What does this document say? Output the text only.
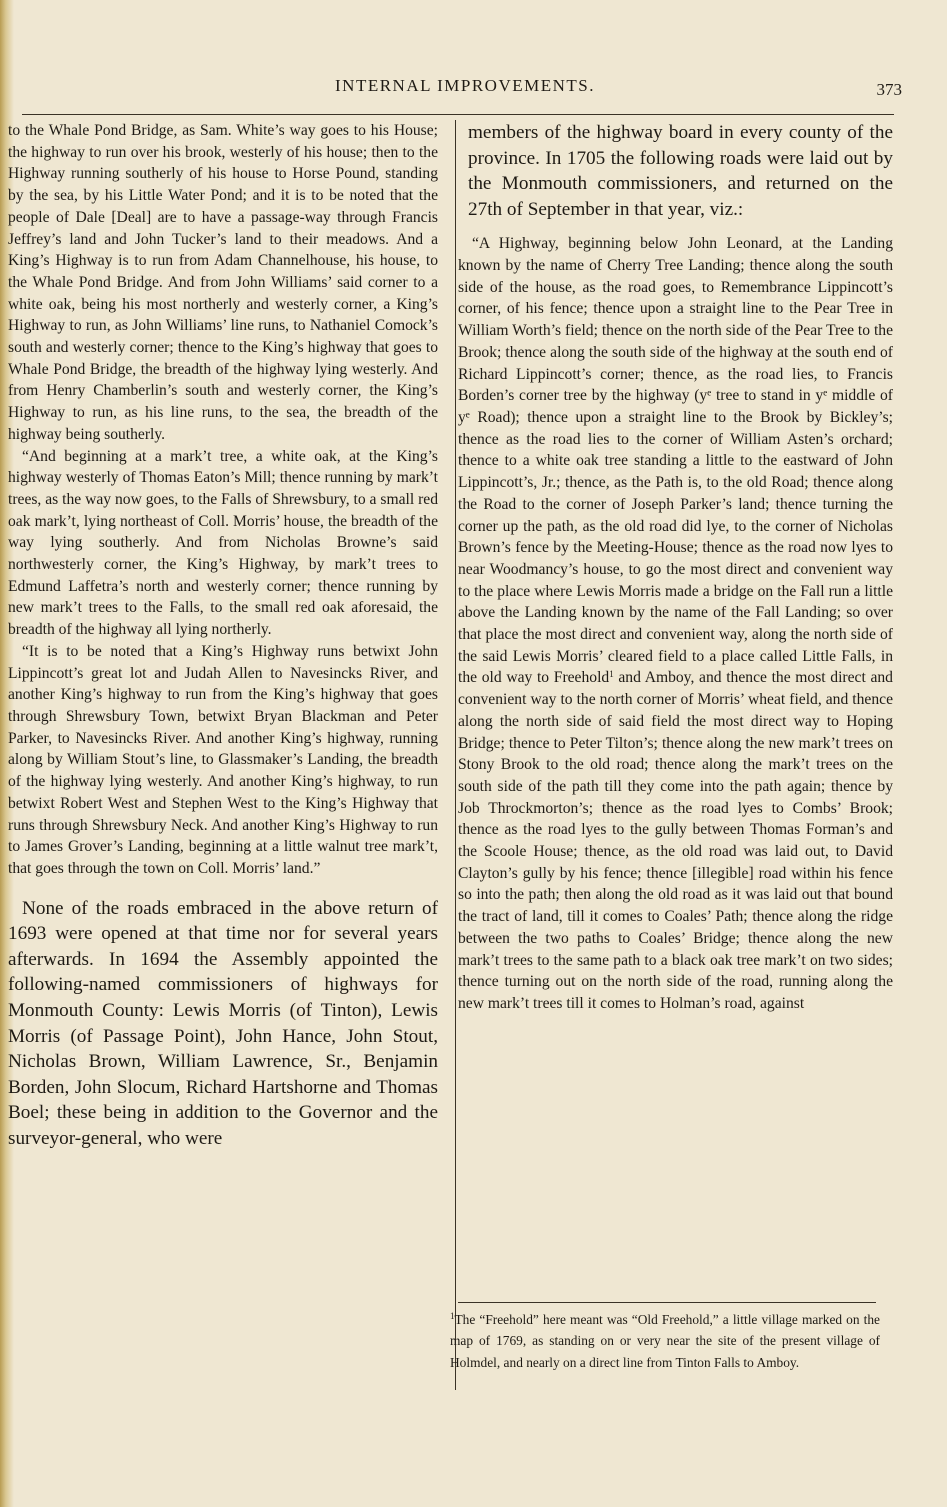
INTERNAL IMPROVEMENTS.	373

to the Whale Pond Bridge, as Sam. White’s way goes to his House; the highway to run over his brook, westerly of his house; then to the Highway running southerly of his house to Horse Pound, standing by the sea, by his Little Water Pond; and it is to be noted that the people of Dale [Deal] are to have a passage-way through Francis Jeffrey’s land and John Tucker’s land to their meadows. And a King’s Highway is to run from Adam Channelhouse, his house, to the Whale Pond Bridge. And from John Williams’ said corner to a white oak, being his most northerly and westerly corner, a King’s Highway to run, as John Williams’ line runs, to Nathaniel Comock’s south and westerly corner; thence to the King’s highway that goes to Whale Pond Bridge, the breadth of the highway lying westerly. And from Henry Chamberlin’s south and westerly corner, the King’s Highway to run, as his line runs, to the sea, the breadth of the highway being southerly.

“And beginning at a mark’t tree, a white oak, at the King’s highway westerly of Thomas Eaton’s Mill; thence running by mark’t trees, as the way now goes, to the Falls of Shrewsbury, to a small red oak mark’t, lying northeast of Coll. Morris’ house, the breadth of the way lying southerly. And from Nicholas Browne’s said northwesterly corner, the King’s Highway, by mark’t trees to Edmund Laffetra’s north and westerly corner; thence running by new mark’t trees to the Falls, to the small red oak aforesaid, the breadth of the highway all lying northerly.

“It is to be noted that a King’s Highway runs betwixt John Lippincott’s great lot and Judah Allen to Navesincks River, and another King’s highway to run from the King’s highway that goes through Shrewsbury Town, betwixt Bryan Blackman and Peter Parker, to Navesincks River. And another King’s highway, running along by William Stout’s line, to Glassmaker’s Landing, the breadth of the highway lying westerly. And another King’s highway, to run betwixt Robert West and Stephen West to the King’s Highway that runs through Shrewsbury Neck. And another King’s Highway to run to James Grover’s Landing, beginning at a little walnut tree mark’t, that goes through the town on Coll. Morris’ land.”

None of the roads embraced in the above return of 1693 were opened at that time nor for several years afterwards. In 1694 the Assembly appointed the following-named commissioners of highways for Monmouth County: Lewis Morris (of Tinton), Lewis Morris (of Passage Point), John Hance, John Stout, Nicholas Brown, William Lawrence, Sr., Benjamin Borden, John Slocum, Richard Hartshorne and Thomas Boel; these being in addition to the Governor and the surveyor-general, who were

members of the highway board in every county of the province. In 1705 the following roads were laid out by the Monmouth commissioners, and returned on the 27th of September in that year, viz.:

“A Highway, beginning below John Leonard, at the Landing known by the name of Cherry Tree Landing; thence along the south side of the house, as the road goes, to Remembrance Lippincott’s corner, of his fence; thence upon a straight line to the Pear Tree in William Worth’s field; thence on the north side of the Pear Tree to the Brook; thence along the south side of the highway at the south end of Richard Lippincott’s corner; thence, as the road lies, to Francis Borden’s corner tree by the highway (yᵉ tree to stand in yᵉ middle of yᵉ Road); thence upon a straight line to the Brook by Bickley’s; thence as the road lies to the corner of William Asten’s orchard; thence to a white oak tree standing a little to the eastward of John Lippincott’s, Jr.; thence, as the Path is, to the old Road; thence along the Road to the corner of Joseph Parker’s land; thence turning the corner up the path, as the old road did lye, to the corner of Nicholas Brown’s fence by the Meeting-House; thence as the road now lyes to near Woodmancy’s house, to go the most direct and convenient way to the place where Lewis Morris made a bridge on the Fall run a little above the Landing known by the name of the Fall Landing; so over that place the most direct and convenient way, along the north side of the said Lewis Morris’ cleared field to a place called Little Falls, in the old way to Freehold$^1$ and Amboy, and thence the most direct and convenient way to the north corner of Morris’ wheat field, and thence along the north side of said field the most direct way to Hoping Bridge; thence to Peter Tilton’s; thence along the new mark’t trees on Stony Brook to the old road; thence along the mark’t trees on the south side of the path till they come into the path again; thence by Job Throckmorton’s; thence as the road lyes to Combs’ Brook; thence as the road lyes to the gully between Thomas Forman’s and the Scoole House; thence, as the old road was laid out, to David Clayton’s gully by his fence; thence [illegible] road within his fence so into the path; then along the old road as it was laid out that bound the tract of land, till it comes to Coales’ Path; thence along the ridge between the two paths to Coales’ Bridge; thence along the new mark’t trees to the same path to a black oak tree mark’t on two sides; thence turning out on the north side of the road, running along the new mark’t trees till it comes to Holman’s road, against

$^1$The “Freehold” here meant was “Old Freehold,” a little village marked on the map of 1769, as standing on or very near the site of the present village of Holmdel, and nearly on a direct line from Tinton Falls to Amboy.
